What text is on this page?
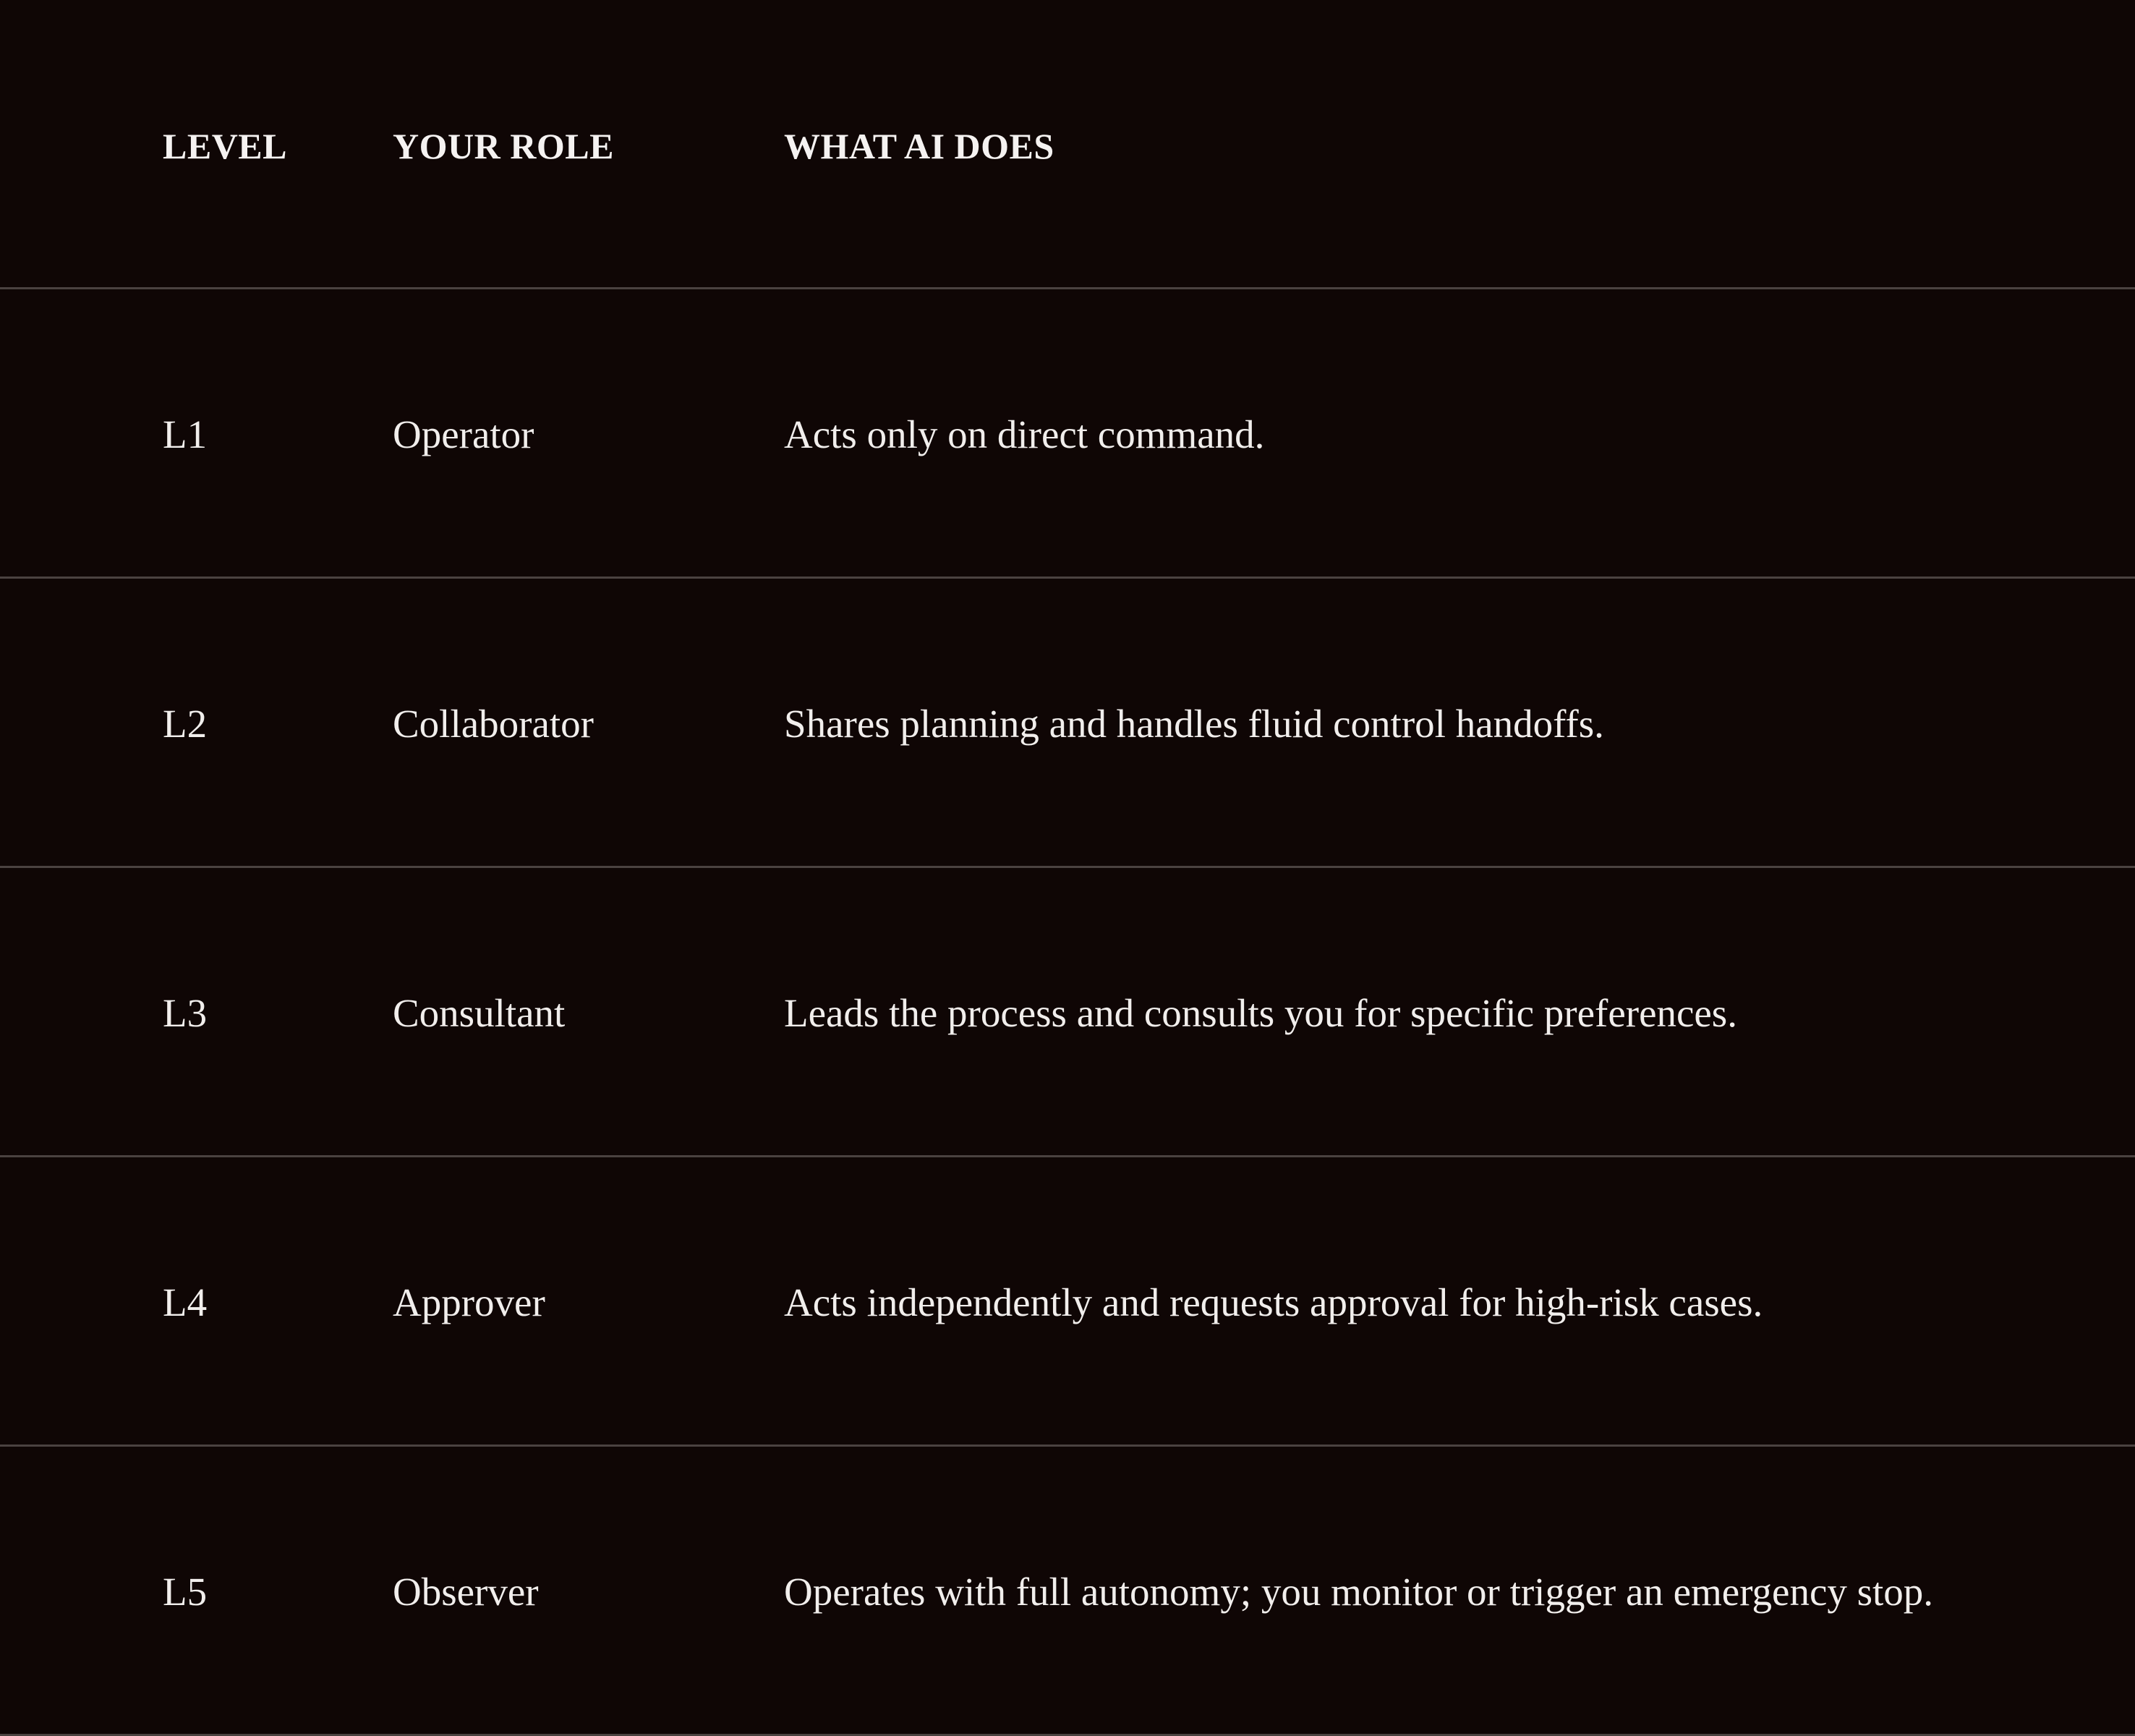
LEVEL	YOUR ROLE	WHAT AI DOES
L1	Operator	Acts only on direct command.
L2	Collaborator	Shares planning and handles fluid control handoffs.
L3	Consultant	Leads the process and consults you for specific preferences.
L4	Approver	Acts independently and requests approval for high-risk cases.
L5	Observer	Operates with full autonomy; you monitor or trigger an emergency stop.
